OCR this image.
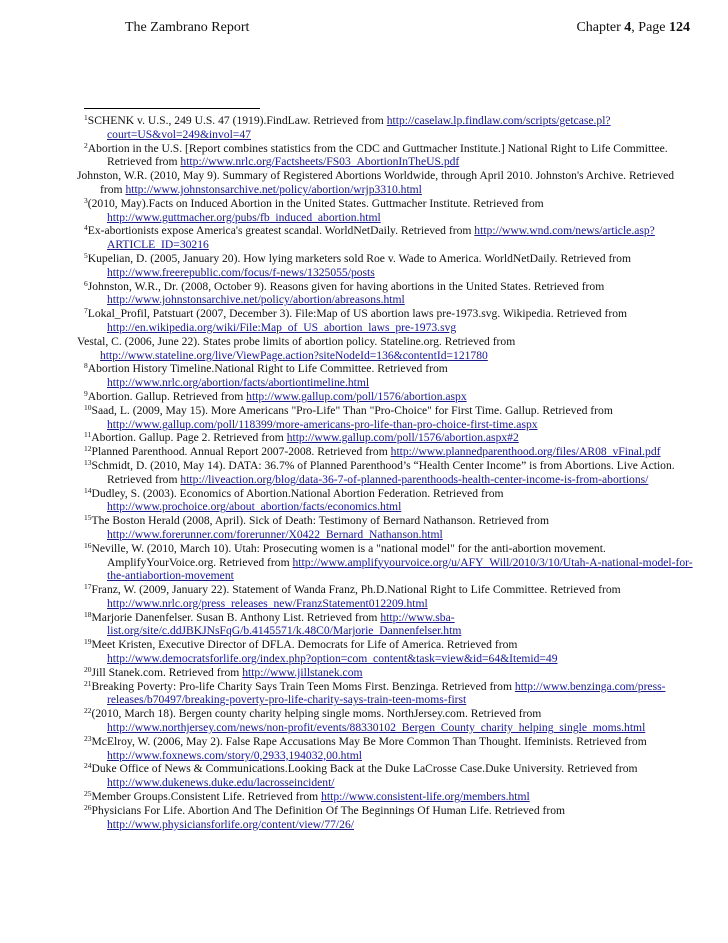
The Zambrano Report	Chapter 4, Page 124
$^1$SCHENK v. U.S., 249 U.S. 47 (1919).FindLaw. Retrieved from http://caselaw.lp.findlaw.com/scripts/getcase.pl?court=US&vol=249&invol=47
$^2$Abortion in the U.S. [Report combines statistics from the CDC and Guttmacher Institute.] National Right to Life Committee. Retrieved from http://www.nrlc.org/Factsheets/FS03_AbortionInTheUS.pdf
Johnston, W.R. (2010, May 9). Summary of Registered Abortions Worldwide, through April 2010. Johnston's Archive. Retrieved from http://www.johnstonsarchive.net/policy/abortion/wrjp3310.html
$^3$(2010, May).Facts on Induced Abortion in the United States. Guttmacher Institute. Retrieved from http://www.guttmacher.org/pubs/fb_induced_abortion.html
$^4$Ex-abortionists expose America's greatest scandal. WorldNetDaily. Retrieved from http://www.wnd.com/news/article.asp?ARTICLE_ID=30216
$^5$Kupelian, D. (2005, January 20). How lying marketers sold Roe v. Wade to America. WorldNetDaily. Retrieved from http://www.freerepublic.com/focus/f-news/1325055/posts
$^6$Johnston, W.R., Dr. (2008, October 9). Reasons given for having abortions in the United States. Retrieved from http://www.johnstonsarchive.net/policy/abortion/abreasons.html
$^7$Lokal_Profil, Patstuart (2007, December 3). File:Map of US abortion laws pre-1973.svg. Wikipedia. Retrieved from http://en.wikipedia.org/wiki/File:Map_of_US_abortion_laws_pre-1973.svg
Vestal, C. (2006, June 22). States probe limits of abortion policy. Stateline.org. Retrieved from http://www.stateline.org/live/ViewPage.action?siteNodeId=136&contentId=121780
$^8$Abortion History Timeline.National Right to Life Committee. Retrieved from http://www.nrlc.org/abortion/facts/abortiontimeline.html
$^9$Abortion. Gallup. Retrieved from http://www.gallup.com/poll/1576/abortion.aspx
$^{10}$Saad, L. (2009, May 15). More Americans "Pro-Life" Than "Pro-Choice" for First Time. Gallup. Retrieved from http://www.gallup.com/poll/118399/more-americans-pro-life-than-pro-choice-first-time.aspx
$^{11}$Abortion. Gallup. Page 2. Retrieved from http://www.gallup.com/poll/1576/abortion.aspx#2
$^{12}$Planned Parenthood. Annual Report 2007-2008. Retrieved from http://www.plannedparenthood.org/files/AR08_vFinal.pdf
$^{13}$Schmidt, D. (2010, May 14). DATA: 36.7% of Planned Parenthood’s “Health Center Income” is from Abortions. Live Action. Retrieved from http://liveaction.org/blog/data-36-7-of-planned-parenthoods-health-center-income-is-from-abortions/
$^{14}$Dudley, S. (2003). Economics of Abortion.National Abortion Federation. Retrieved from http://www.prochoice.org/about_abortion/facts/economics.html
$^{15}$The Boston Herald (2008, April). Sick of Death: Testimony of Bernard Nathanson. Retrieved from http://www.forerunner.com/forerunner/X0422_Bernard_Nathanson.html
$^{16}$Neville, W. (2010, March 10). Utah: Prosecuting women is a "national model" for the anti-abortion movement. AmplifyYourVoice.org. Retrieved from http://www.amplifyyourvoice.org/u/AFY_Will/2010/3/10/Utah-A-national-model-for-the-antiabortion-movement
$^{17}$Franz, W. (2009, January 22). Statement of Wanda Franz, Ph.D.National Right to Life Committee. Retrieved from http://www.nrlc.org/press_releases_new/FranzStatement012209.html
$^{18}$Marjorie Danenfelser. Susan B. Anthony List. Retrieved from http://www.sba-list.org/site/c.ddJBKJNsFqG/b.4145571/k.48C0/Marjorie_Dannenfelser.htm
$^{19}$Meet Kristen, Executive Director of DFLA. Democrats for Life of America. Retrieved from http://www.democratsforlife.org/index.php?option=com_content&task=view&id=64&Itemid=49
$^{20}$Jill Stanek.com. Retrieved from http://www.jillstanek.com
$^{21}$Breaking Poverty: Pro-life Charity Says Train Teen Moms First. Benzinga. Retrieved from http://www.benzinga.com/press-releases/b70497/breaking-poverty-pro-life-charity-says-train-teen-moms-first
$^{22}$(2010, March 18). Bergen county charity helping single moms. NorthJersey.com. Retrieved from http://www.northjersey.com/news/non-profit/events/88330102_Bergen_County_charity_helping_single_moms.html
$^{23}$McElroy, W. (2006, May 2). False Rape Accusations May Be More Common Than Thought. Ifeminists. Retrieved from http://www.foxnews.com/story/0,2933,194032,00.html
$^{24}$Duke Office of News & Communications.Looking Back at the Duke LaCrosse Case.Duke University. Retrieved from http://www.dukenews.duke.edu/lacrosseincident/
$^{25}$Member Groups.Consistent Life. Retrieved from http://www.consistent-life.org/members.html
$^{26}$Physicians For Life. Abortion And The Definition Of The Beginnings Of Human Life. Retrieved from http://www.physiciansforlife.org/content/view/77/26/
